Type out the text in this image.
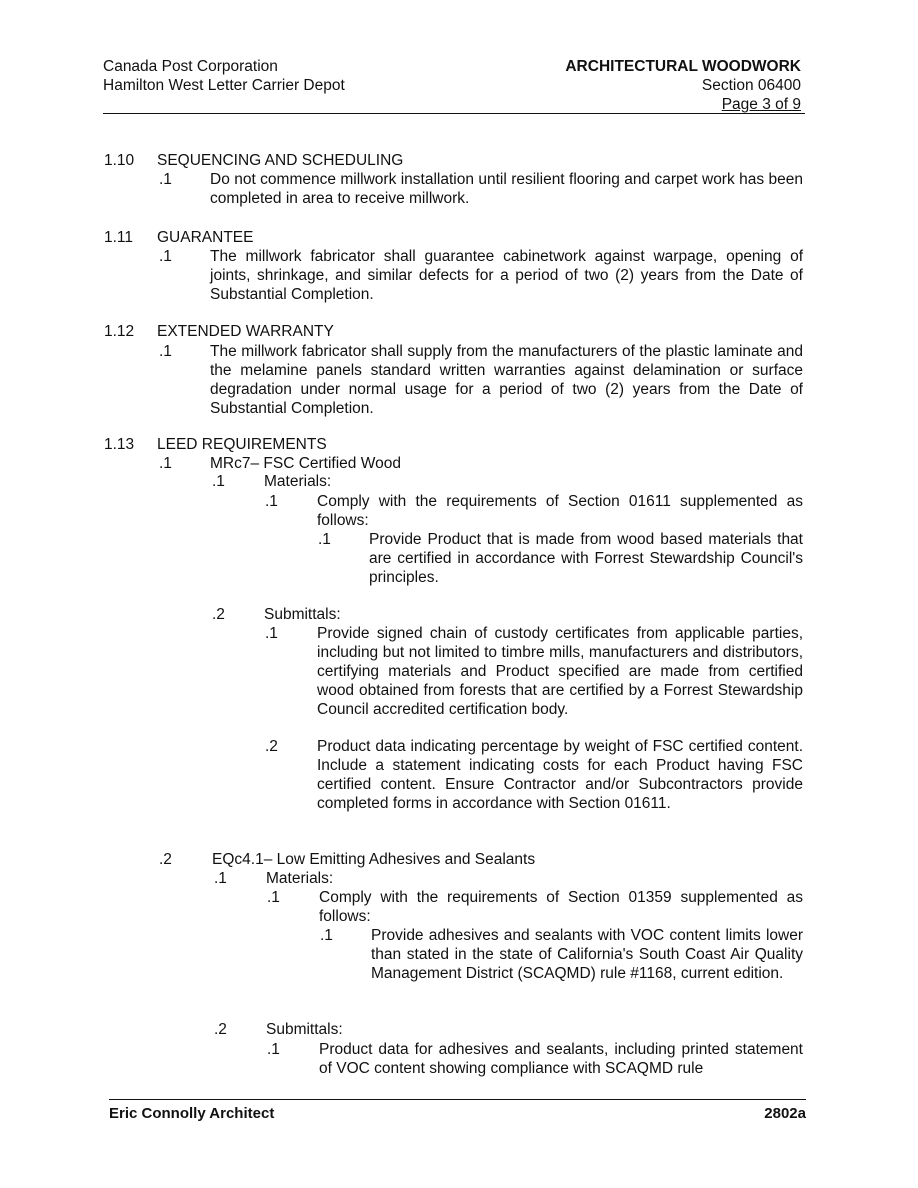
Canada Post Corporation
Hamilton West Letter Carrier Depot
ARCHITECTURAL WOODWORK
Section 06400
Page 3 of 9
1.10 SEQUENCING AND SCHEDULING
.1 Do not commence millwork installation until resilient flooring and carpet work has been completed in area to receive millwork.
1.11 GUARANTEE
.1 The millwork fabricator shall guarantee cabinetwork against warpage, opening of joints, shrinkage, and similar defects for a period of two (2) years from the Date of Substantial Completion.
1.12 EXTENDED WARRANTY
.1 The millwork fabricator shall supply from the manufacturers of the plastic laminate and the melamine panels standard written warranties against delamination or surface degradation under normal usage for a period of two (2) years from the Date of Substantial Completion.
1.13 LEED REQUIREMENTS
.1 MRc7– FSC Certified Wood
.1	Materials:
.1	Comply with the requirements of Section 01611 supplemented as follows:
.1 Provide Product that is made from wood based materials that are certified in accordance with Forrest Stewardship Council's principles.
.2	Submittals:
.1	Provide signed chain of custody certificates from applicable parties, including but not limited to timbre mills, manufacturers and distributors, certifying materials and Product specified are made from certified wood obtained from forests that are certified by a Forrest Stewardship Council accredited certification body.
.2	Product data indicating percentage by weight of FSC certified content. Include a statement indicating costs for each Product having FSC certified content. Ensure Contractor and/or Subcontractors provide completed forms in accordance with Section 01611.
.2	EQc4.1– Low Emitting Adhesives and Sealants
.1	Materials:
.1	Comply with the requirements of Section 01359 supplemented as follows:
.1 Provide adhesives and sealants with VOC content limits lower than stated in the state of California's South Coast Air Quality Management District (SCAQMD) rule #1168, current edition.
.2	Submittals:
.1	Product data for adhesives and sealants, including printed statement of VOC content showing compliance with SCAQMD rule
Eric Connolly Architect	2802a
